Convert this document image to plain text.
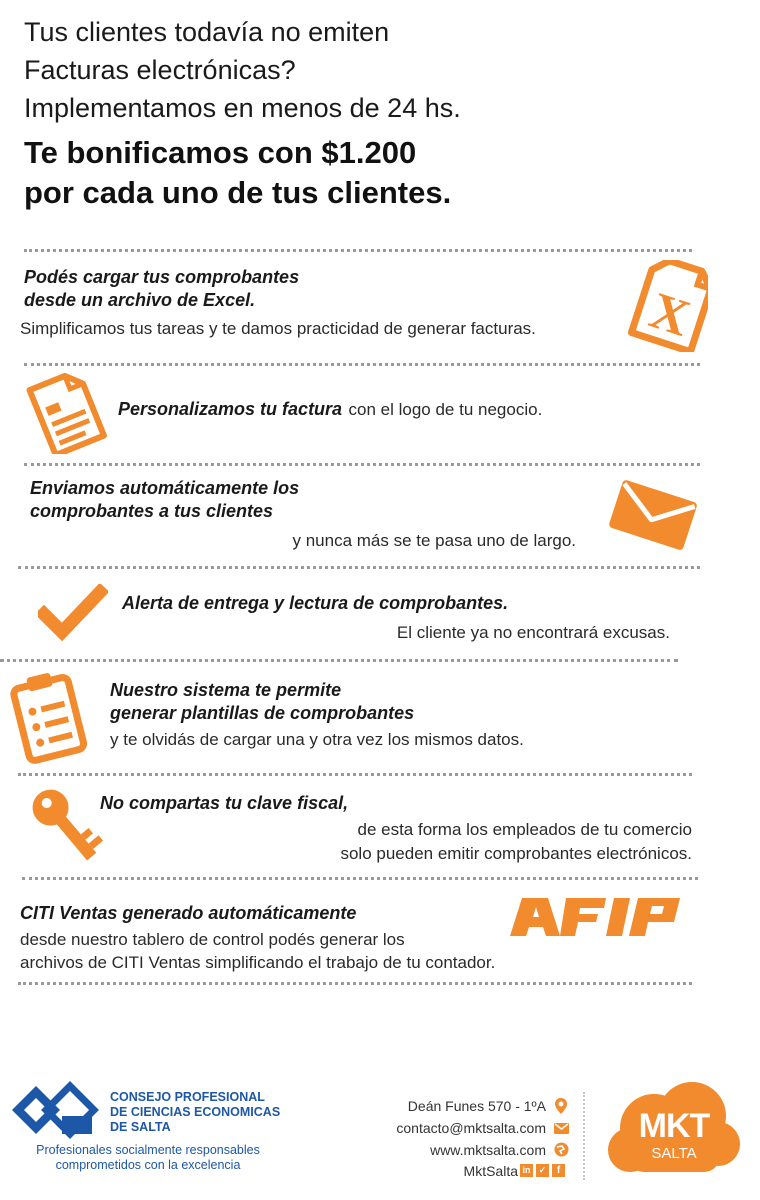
Tus clientes todavía no emiten
Facturas electrónicas?
Implementamos en menos de 24 hs.
Te bonificamos con $1.200
por cada uno de tus clientes.
Podés cargar tus comprobantes
desde un archivo de Excel.
Simplificamos tus tareas y te damos practicidad de generar facturas. X
Personalizamos tu factura con el logo de tu negocio.
Enviamos automáticamente los
comprobantes a tus clientes
y nunca más se te pasa uno de largo.
Alerta de entrega y lectura de comprobantes.
El cliente ya no encontrará excusas.
Nuestro sistema te permite
generar plantillas de comprobantes
y te olvidás de cargar una y otra vez los mismos datos.
No compartas tu clave fiscal,
de esta forma los empleados de tu comercio
solo pueden emitir comprobantes electrónicos.
CITI Ventas generado automáticamente
desde nuestro tablero de control podés generar los
archivos de CITI Ventas simplificando el trabajo de tu contador.
CONSEJO PROFESIONAL
DE CIENCIAS ECONOMICAS
DE SALTA
Profesionales socialmente responsables
comprometidos con la excelencia
Deán Funes 570 - 1ºA
contacto@mktsalta.com
www.mktsalta.com
MktSalta in ✓	f
MKT
SALTA
